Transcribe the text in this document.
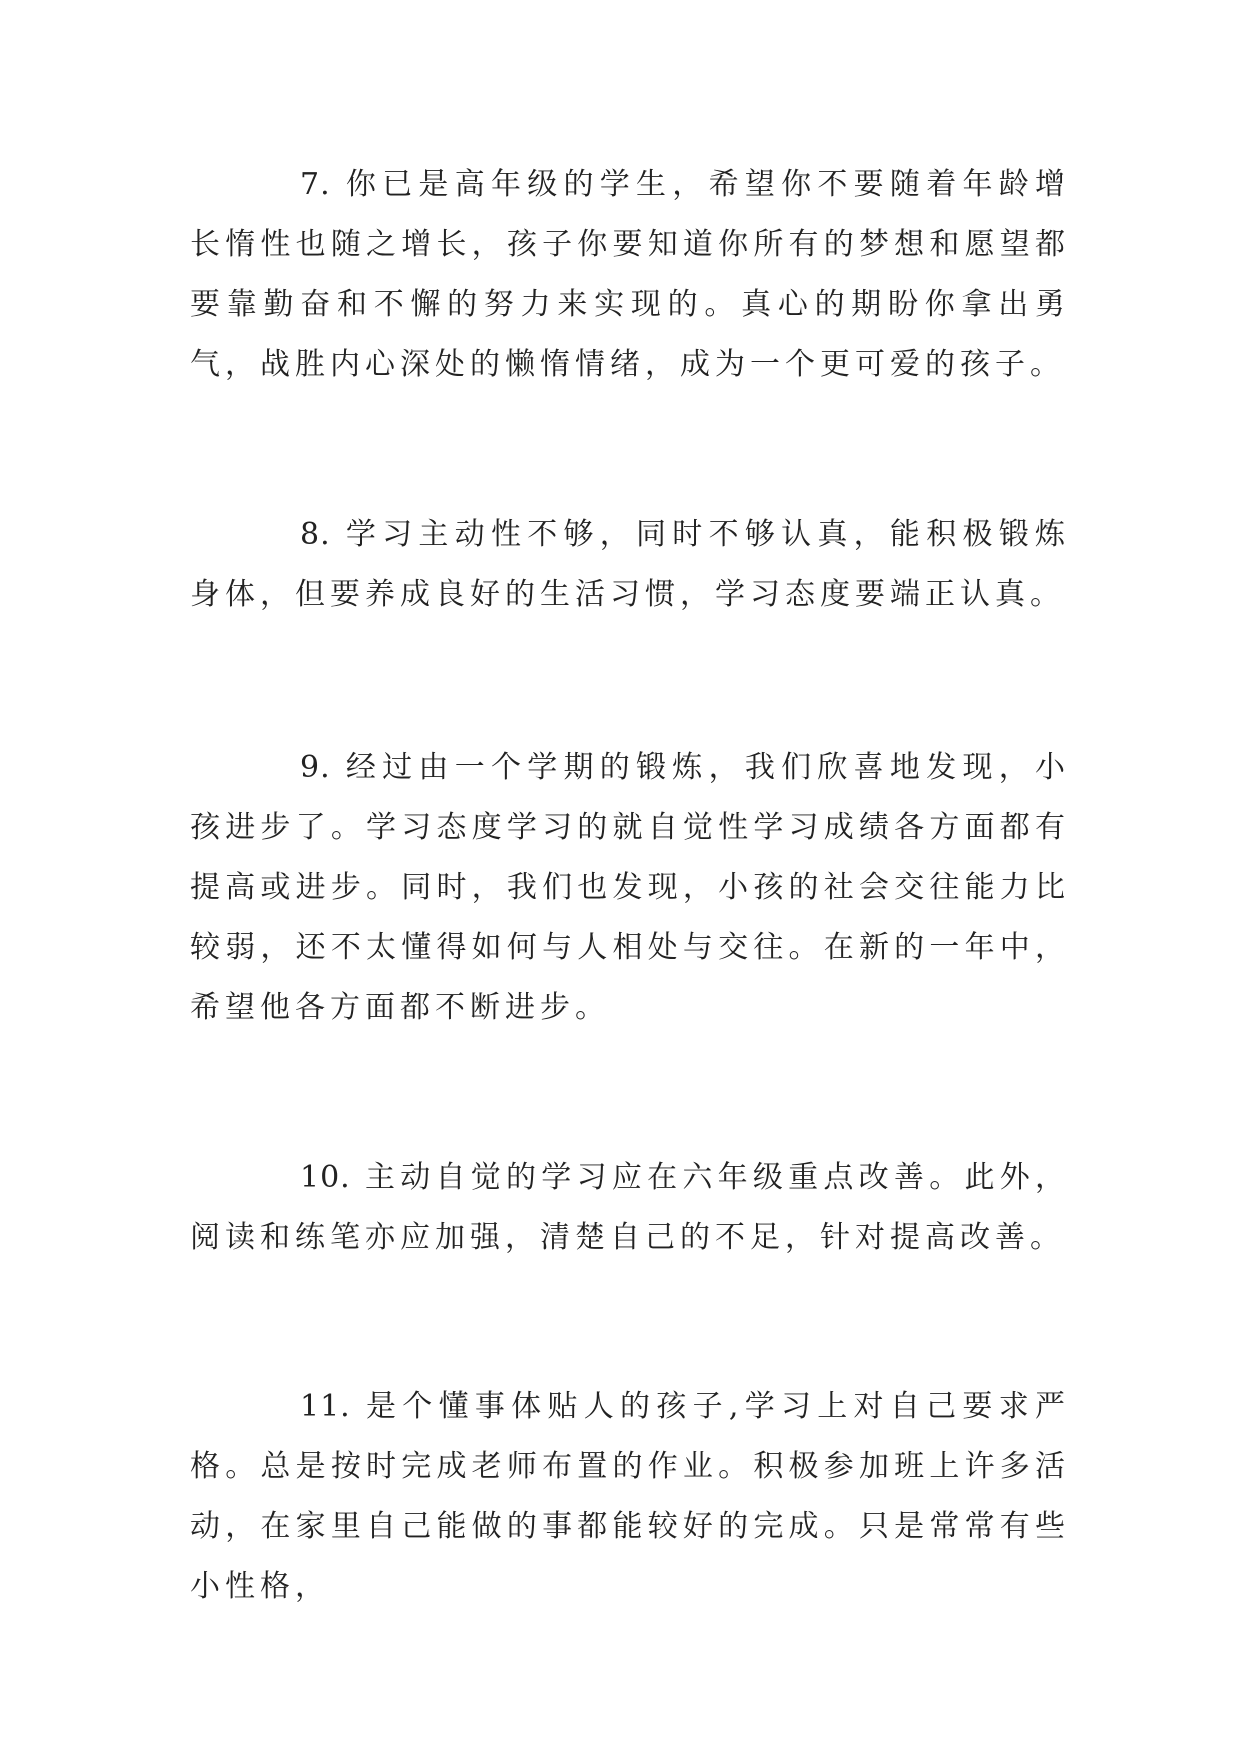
7. 你已是高年级的学生，希望你不要随着年龄增长惰性也随之增长，孩子你要知道你所有的梦想和愿望都要靠勤奋和不懈的努力来实现的。真心的期盼你拿出勇气，战胜内心深处的懒惰情绪，成为一个更可爱的孩子。

8. 学习主动性不够，同时不够认真，能积极锻炼身体，但要养成良好的生活习惯，学习态度要端正认真。

9. 经过由一个学期的锻炼，我们欣喜地发现，小孩进步了。学习态度学习的就自觉性学习成绩各方面都有提高或进步。同时，我们也发现，小孩的社会交往能力比较弱，还不太懂得如何与人相处与交往。在新的一年中，希望他各方面都不断进步。

10. 主动自觉的学习应在六年级重点改善。此外，阅读和练笔亦应加强，清楚自己的不足，针对提高改善。

11. 是个懂事体贴人的孩子,学习上对自己要求严格。总是按时完成老师布置的作业。积极参加班上许多活动，在家里自己能做的事都能较好的完成。只是常常有些小性格，
